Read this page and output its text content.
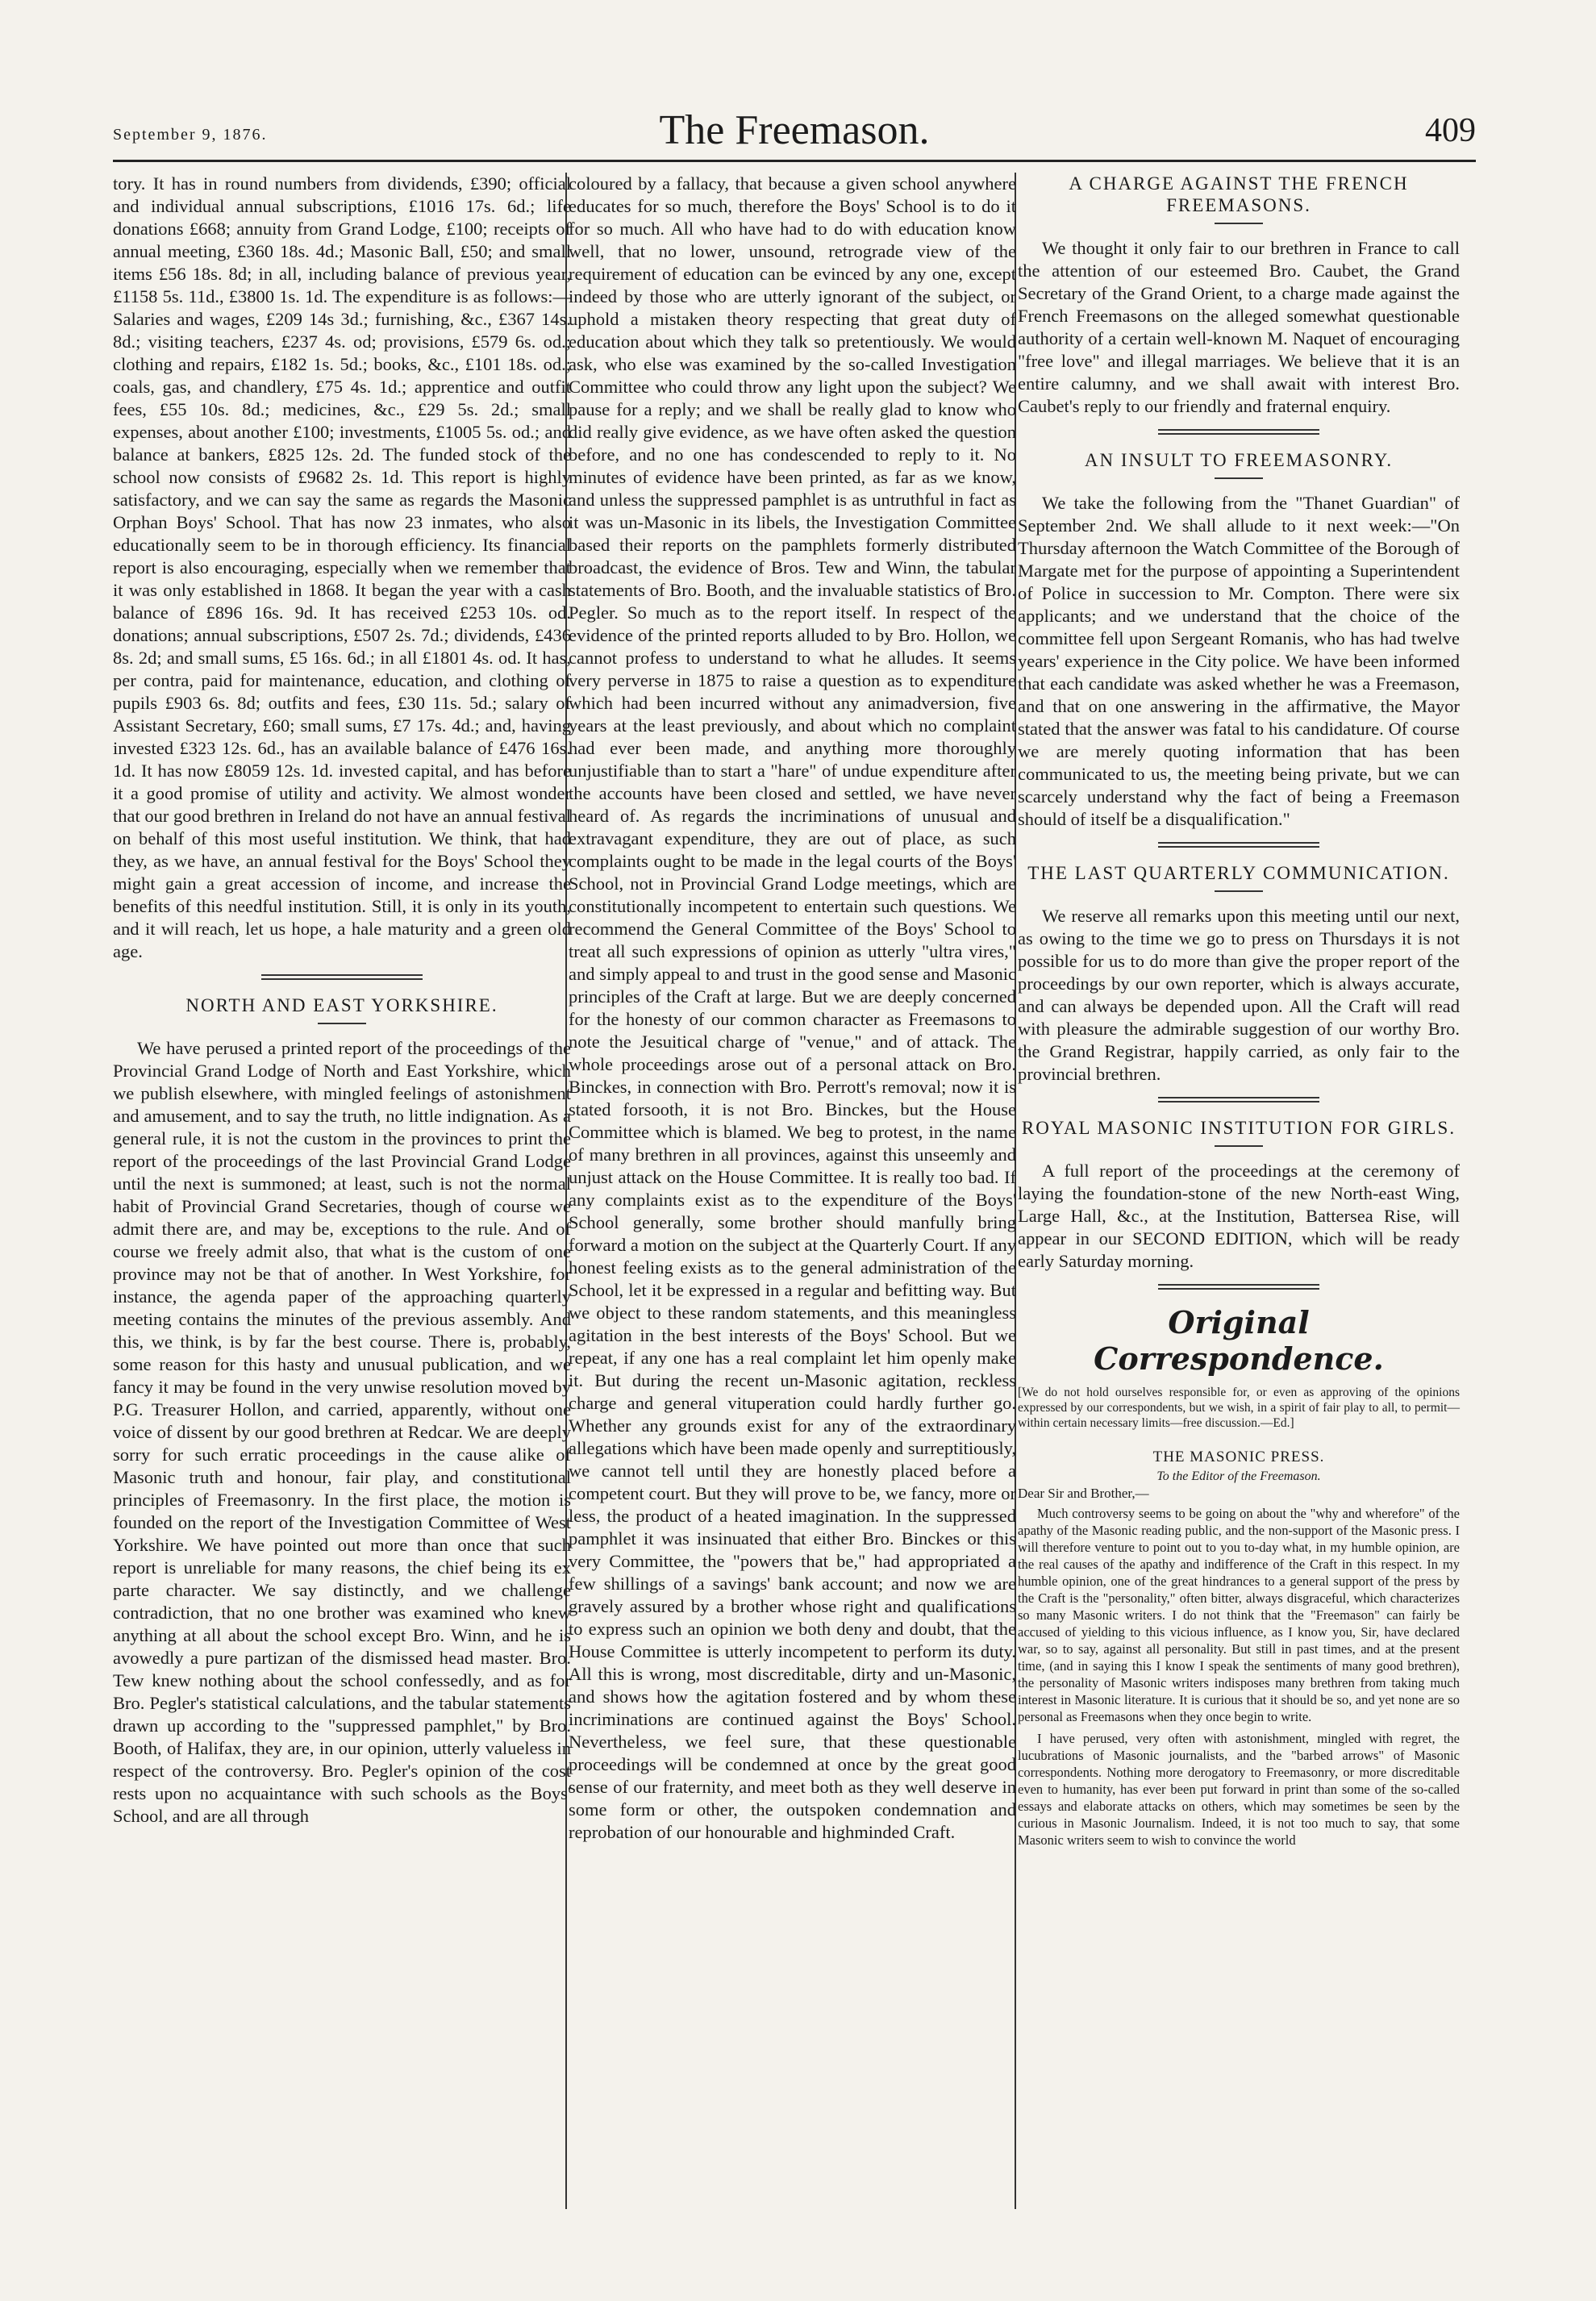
September 9, 1876.	The Freemason.	409

tory. It has in round numbers from dividends, £390; official and individual annual subscriptions, £1016 17s. 6d.; life donations £668; annuity from Grand Lodge, £100; receipts of annual meeting, £360 18s. 4d.; Masonic Ball, £50; and small items £56 18s. 8d; in all, including balance of previous year, £1158 5s. 11d., £3800 1s. 1d. The expenditure is as follows:— Salaries and wages, £209 14s 3d.; furnishing, &c., £367 14s. 8d.; visiting teachers, £237 4s. od; provisions, £579 6s. od.; clothing and repairs, £182 1s. 5d.; books, &c., £101 18s. od.; coals, gas, and chandlery, £75 4s. 1d.; apprentice and outfit fees, £55 10s. 8d.; medicines, &c., £29 5s. 2d.; small expenses, about another £100; investments, £1005 5s. od.; and balance at bankers, £825 12s. 2d. The funded stock of the school now consists of £9682 2s. 1d. This report is highly satisfactory, and we can say the same as regards the Masonic Orphan Boys' School. That has now 23 inmates, who also educationally seem to be in thorough efficiency. Its financial report is also encouraging, especially when we remember that it was only established in 1868. It began the year with a cash balance of £896 16s. 9d. It has received £253 10s. od. donations; annual subscriptions, £507 2s. 7d.; dividends, £436 8s. 2d; and small sums, £5 16s. 6d.; in all £1801 4s. od. It has, per contra, paid for maintenance, education, and clothing of pupils £903 6s. 8d; outfits and fees, £30 11s. 5d.; salary of Assistant Secretary, £60; small sums, £7 17s. 4d.; and, having invested £323 12s. 6d., has an available balance of £476 16s. 1d. It has now £8059 12s. 1d. invested capital, and has before it a good promise of utility and activity. We almost wonder that our good brethren in Ireland do not have an annual festival on behalf of this most useful institution. We think, that had they, as we have, an annual festival for the Boys' School they might gain a great accession of income, and increase the benefits of this needful institution. Still, it is only in its youth, and it will reach, let us hope, a hale maturity and a green old age.

NORTH AND EAST YORKSHIRE.

We have perused a printed report of the proceedings of the Provincial Grand Lodge of North and East Yorkshire, which we publish elsewhere, with mingled feelings of astonishment and amusement, and to say the truth, no little indignation. As a general rule, it is not the custom in the provinces to print the report of the proceedings of the last Provincial Grand Lodge until the next is summoned; at least, such is not the normal habit of Provincial Grand Secretaries, though of course we admit there are, and may be, exceptions to the rule. And of course we freely admit also, that what is the custom of one province may not be that of another. In West Yorkshire, for instance, the agenda paper of the approaching quarterly meeting contains the minutes of the previous assembly. And this, we think, is by far the best course. There is, probably, some reason for this hasty and unusual publication, and we fancy it may be found in the very unwise resolution moved by P.G. Treasurer Hollon, and carried, apparently, without one voice of dissent by our good brethren at Redcar. We are deeply sorry for such erratic proceedings in the cause alike of Masonic truth and honour, fair play, and constitutional principles of Freemasonry. In the first place, the motion is founded on the report of the Investigation Committee of West Yorkshire. We have pointed out more than once that such report is unreliable for many reasons, the chief being its ex parte character. We say distinctly, and we challenge contradiction, that no one brother was examined who knew anything at all about the school except Bro. Winn, and he is avowedly a pure partizan of the dismissed head master. Bro. Tew knew nothing about the school confessedly, and as for Bro. Pegler's statistical calculations, and the tabular statements drawn up according to the "suppressed pamphlet," by Bro. Booth, of Halifax, they are, in our opinion, utterly valueless in respect of the controversy. Bro. Pegler's opinion of the cost rests upon no acquaintance with such schools as the Boys' School, and are all through

coloured by a fallacy, that because a given school anywhere educates for so much, therefore the Boys' School is to do it for so much. All who have had to do with education know well, that no lower, unsound, retrograde view of the requirement of education can be evinced by any one, except indeed by those who are utterly ignorant of the subject, or uphold a mistaken theory respecting that great duty of education about which they talk so pretentiously. We would ask, who else was examined by the so-called Investigation Committee who could throw any light upon the subject? We pause for a reply; and we shall be really glad to know who did really give evidence, as we have often asked the question before, and no one has condescended to reply to it. No minutes of evidence have been printed, as far as we know, and unless the suppressed pamphlet is as untruthful in fact as it was un-Masonic in its libels, the Investigation Committee based their reports on the pamphlets formerly distributed broadcast, the evidence of Bros. Tew and Winn, the tabular statements of Bro. Booth, and the invaluable statistics of Bro. Pegler. So much as to the report itself. In respect of the evidence of the printed reports alluded to by Bro. Hollon, we cannot profess to understand to what he alludes. It seems very perverse in 1875 to raise a question as to expenditure which had been incurred without any animadversion, five years at the least previously, and about which no complaint had ever been made, and anything more thoroughly unjustifiable than to start a "hare" of undue expenditure after the accounts have been closed and settled, we have never heard of. As regards the incriminations of unusual and extravagant expenditure, they are out of place, as such complaints ought to be made in the legal courts of the Boys' School, not in Provincial Grand Lodge meetings, which are constitutionally incompetent to entertain such questions. We recommend the General Committee of the Boys' School to treat all such expressions of opinion as utterly "ultra vires," and simply appeal to and trust in the good sense and Masonic principles of the Craft at large. But we are deeply concerned for the honesty of our common character as Freemasons to note the Jesuitical charge of "venue," and of attack. The whole proceedings arose out of a personal attack on Bro. Binckes, in connection with Bro. Perrott's removal; now it is stated forsooth, it is not Bro. Binckes, but the House Committee which is blamed. We beg to protest, in the name of many brethren in all provinces, against this unseemly and unjust attack on the House Committee. It is really too bad. If any complaints exist as to the expenditure of the Boys' School generally, some brother should manfully bring forward a motion on the subject at the Quarterly Court. If any honest feeling exists as to the general administration of the School, let it be expressed in a regular and befitting way. But we object to these random statements, and this meaningless agitation in the best interests of the Boys' School. But we repeat, if any one has a real complaint let him openly make it. But during the recent un-Masonic agitation, reckless charge and general vituperation could hardly further go. Whether any grounds exist for any of the extraordinary allegations which have been made openly and surreptitiously, we cannot tell until they are honestly placed before a competent court. But they will prove to be, we fancy, more or less, the product of a heated imagination. In the suppressed pamphlet it was insinuated that either Bro. Binckes or this very Committee, the "powers that be," had appropriated a few shillings of a savings' bank account; and now we are gravely assured by a brother whose right and qualifications to express such an opinion we both deny and doubt, that the House Committee is utterly incompetent to perform its duty. All this is wrong, most discreditable, dirty and un-Masonic, and shows how the agitation fostered and by whom these incriminations are continued against the Boys' School. Nevertheless, we feel sure, that these questionable proceedings will be condemned at once by the great good sense of our fraternity, and meet both as they well deserve in some form or other, the outspoken condemnation and reprobation of our honourable and highminded Craft.

A CHARGE AGAINST THE FRENCH FREEMASONS.

We thought it only fair to our brethren in France to call the attention of our esteemed Bro. Caubet, the Grand Secretary of the Grand Orient, to a charge made against the French Freemasons on the alleged somewhat questionable authority of a certain well-known M. Naquet of encouraging "free love" and illegal marriages. We believe that it is an entire calumny, and we shall await with interest Bro. Caubet's reply to our friendly and fraternal enquiry.

AN INSULT TO FREEMASONRY.

We take the following from the "Thanet Guardian" of September 2nd. We shall allude to it next week:—"On Thursday afternoon the Watch Committee of the Borough of Margate met for the purpose of appointing a Superintendent of Police in succession to Mr. Compton. There were six applicants; and we understand that the choice of the committee fell upon Sergeant Romanis, who has had twelve years' experience in the City police. We have been informed that each candidate was asked whether he was a Freemason, and that on one answering in the affirmative, the Mayor stated that the answer was fatal to his candidature. Of course we are merely quoting information that has been communicated to us, the meeting being private, but we can scarcely understand why the fact of being a Freemason should of itself be a disqualification."

THE LAST QUARTERLY COMMUNICATION.

We reserve all remarks upon this meeting until our next, as owing to the time we go to press on Thursdays it is not possible for us to do more than give the proper report of the proceedings by our own reporter, which is always accurate, and can always be depended upon. All the Craft will read with pleasure the admirable suggestion of our worthy Bro. the Grand Registrar, happily carried, as only fair to the provincial brethren.

ROYAL MASONIC INSTITUTION FOR GIRLS.

A full report of the proceedings at the ceremony of laying the foundation-stone of the new North-east Wing, Large Hall, &c., at the Institution, Battersea Rise, will appear in our SECOND EDITION, which will be ready early Saturday morning.

Original Correspondence.
[We do not hold ourselves responsible for, or even as approving of the opinions expressed by our correspondents, but we wish, in a spirit of fair play to all, to permit—within certain necessary limits—free discussion.—Ed.]
THE MASONIC PRESS.
To the Editor of the Freemason.
Dear Sir and Brother,—

Much controversy seems to be going on about the "why and wherefore" of the apathy of the Masonic reading public, and the non-support of the Masonic press. I will therefore venture to point out to you to-day what, in my humble opinion, are the real causes of the apathy and indifference of the Craft in this respect. In my humble opinion, one of the great hindrances to a general support of the press by the Craft is the "personality," often bitter, always disgraceful, which characterizes so many Masonic writers. I do not think that the "Freemason" can fairly be accused of yielding to this vicious influence, as I know you, Sir, have declared war, so to say, against all personality. But still in past times, and at the present time, (and in saying this I know I speak the sentiments of many good brethren), the personality of Masonic writers indisposes many brethren from taking much interest in Masonic literature. It is curious that it should be so, and yet none are so personal as Freemasons when they once begin to write.

I have perused, very often with astonishment, mingled with regret, the lucubrations of Masonic journalists, and the "barbed arrows" of Masonic correspondents. Nothing more derogatory to Freemasonry, or more discreditable even to humanity, has ever been put forward in print than some of the so-called essays and elaborate attacks on others, which may sometimes be seen by the curious in Masonic Journalism. Indeed, it is not too much to say, that some Masonic writers seem to wish to convince the world
